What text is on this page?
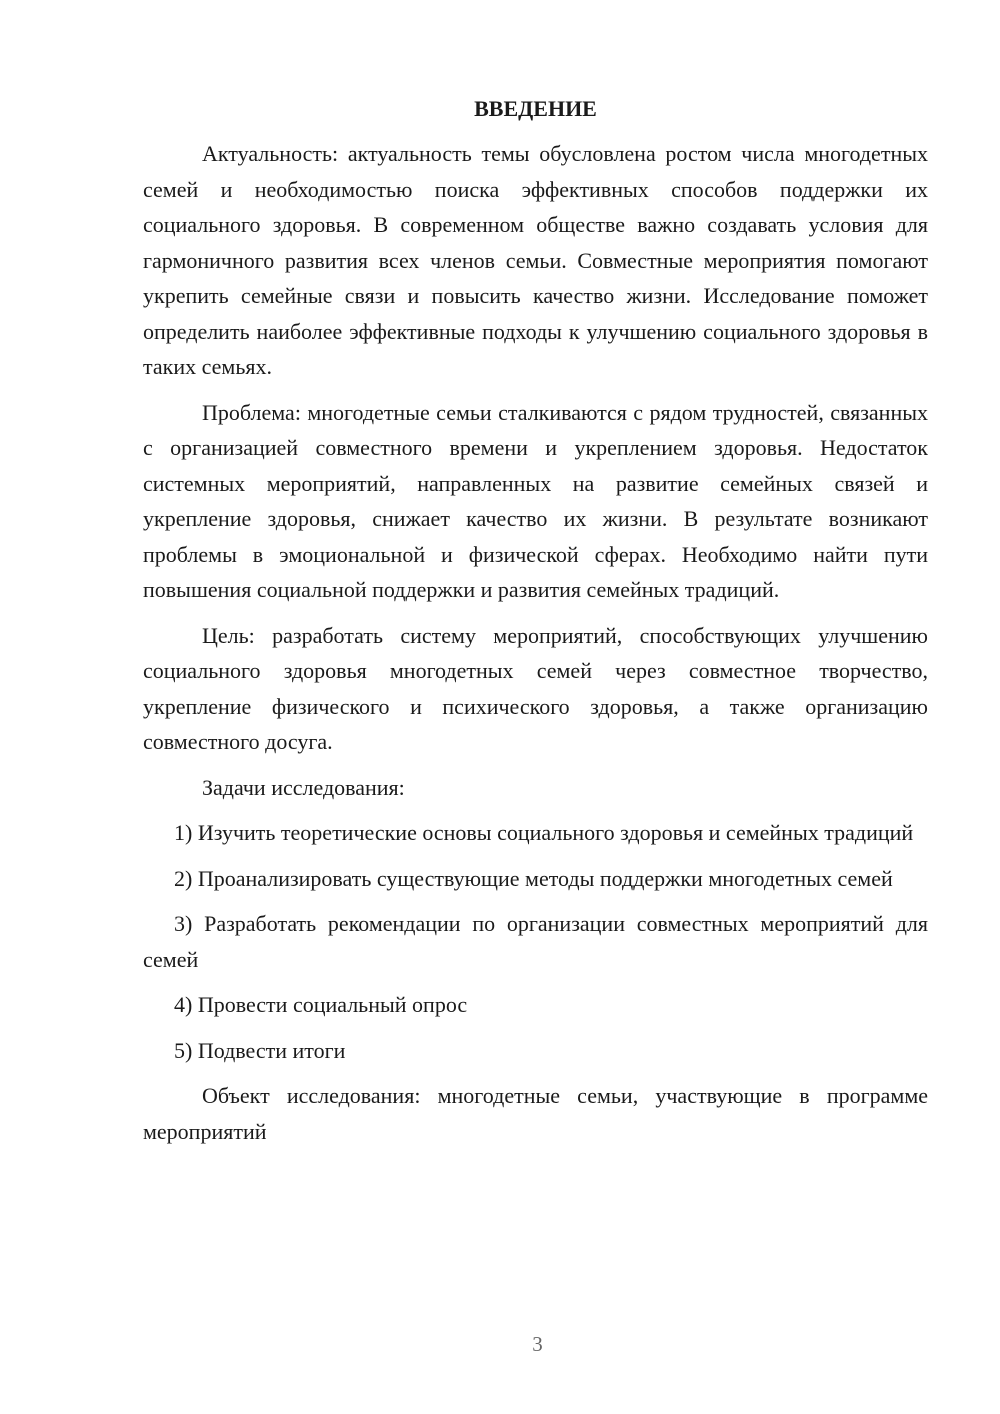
ВВЕДЕНИЕ

Актуальность: актуальность темы обусловлена ростом числа многодетных семей и необходимостью поиска эффективных способов поддержки их социального здоровья. В современном обществе важно создавать условия для гармоничного развития всех членов семьи. Совместные мероприятия помогают укрепить семейные связи и повысить качество жизни. Исследование поможет определить наиболее эффективные подходы к улучшению социального здоровья в таких семьях.

Проблема: многодетные семьи сталкиваются с рядом трудностей, связанных с организацией совместного времени и укреплением здоровья. Недостаток системных мероприятий, направленных на развитие семейных связей и укрепление здоровья, снижает качество их жизни. В результате возникают проблемы в эмоциональной и физической сферах. Необходимо найти пути повышения социальной поддержки и развития семейных традиций.

Цель: разработать систему мероприятий, способствующих улучшению социального здоровья многодетных семей через совместное творчество, укрепление физического и психического здоровья, а также организацию совместного досуга.

Задачи исследования:

1) Изучить теоретические основы социального здоровья и семейных традиций

2) Проанализировать существующие методы поддержки многодетных семей

3) Разработать рекомендации по организации совместных мероприятий для семей

4) Провести социальный опрос

5) Подвести итоги

Объект исследования: многодетные семьи, участвующие в программе мероприятий

3
